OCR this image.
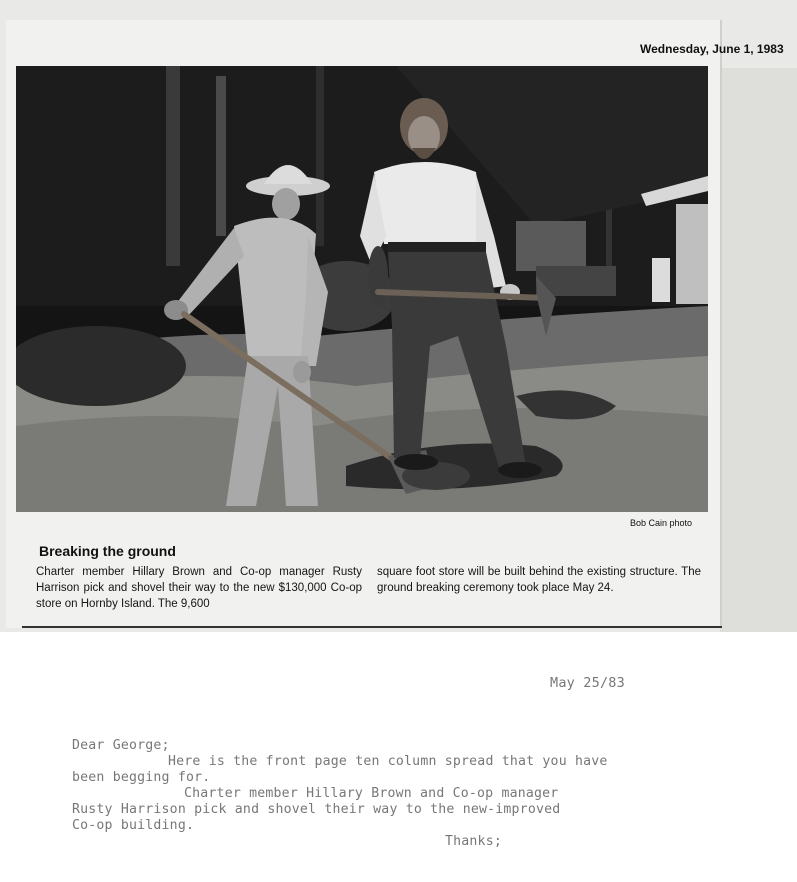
Wednesday, June 1, 1983
Bob Cain photo
Breaking the ground
Charter member Hillary Brown and Co-op manager Rusty Harrison pick and shovel their way to the new $130,000 Co-op store on Hornby Island. The 9,600
square foot store will be built behind the existing structure. The ground breaking ceremony took place May 24.
May 25/83
Dear George;
Here is the front page ten column spread that you have
been begging for.
Charter member Hillary Brown and Co-op manager
Rusty Harrison pick and shovel their way to the new-improved
Co-op building.
Thanks;
